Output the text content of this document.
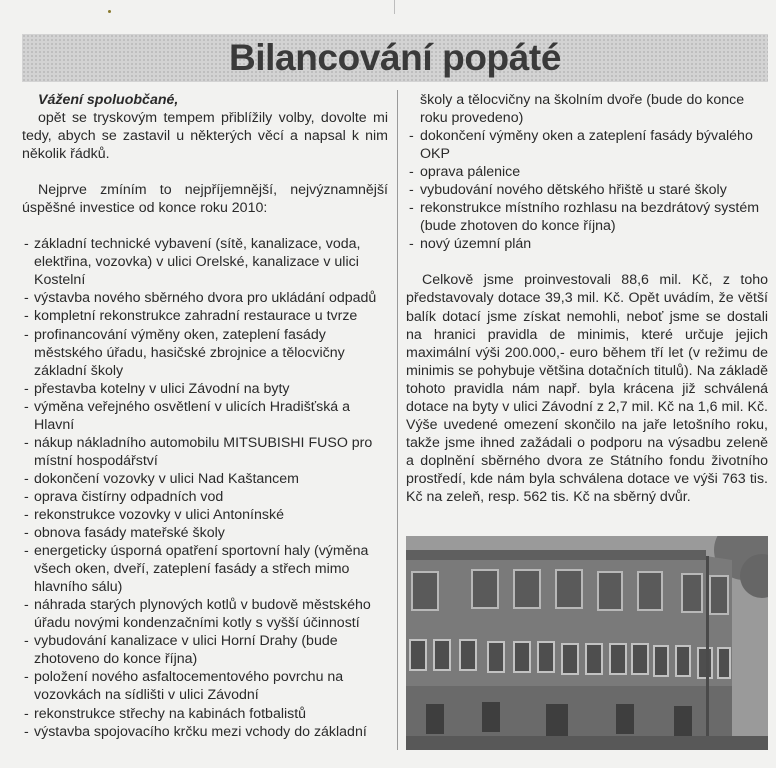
Bilancování popáté
Vážení spoluobčané,
opět se tryskovým tempem přiblížily volby, dovolte mi tedy, abych se zastavil u některých věcí a napsal k nim několik řádků.
Nejprve zmíním to nejpříjemnější, nejvýznamnější úspěšné investice od konce roku 2010:
- základní technické vybavení (sítě, kanalizace, voda, elektřina, vozovka) v ulici Orelské, kanalizace v ulici Kostelní
- výstavba nového sběrného dvora pro ukládání odpadů
- kompletní rekonstrukce zahradní restaurace u tvrze
- profinancování výměny oken, zateplení fasády městského úřadu, hasičské zbrojnice a tělocvičny základní školy
- přestavba kotelny v ulici Závodní na byty
- výměna veřejného osvětlení v ulicích Hradišťská a Hlavní
- nákup nákladního automobilu MITSUBISHI FUSO pro místní hospodářství
- dokončení vozovky v ulici Nad Kaštancem
- oprava čistírny odpadních vod
- rekonstrukce vozovky v ulici Antonínské
- obnova fasády mateřské školy
- energeticky úsporná opatření sportovní haly (výměna všech oken, dveří, zateplení fasády a střech mimo hlavního sálu)
- náhrada starých plynových kotlů v budově městského úřadu novými kondenzačními kotly s vyšší účinností
- vybudování kanalizace v ulici Horní Drahy (bude zhotoveno do konce října)
- položení nového asfaltocementového povrchu na vozovkách na sídlišti v ulici Závodní
- rekonstrukce střechy na kabinách fotbalistů
- výstavba spojovacího krčku mezi vchody do základní
školy a tělocvičny na školním dvoře (bude do konce roku provedeno)
- dokončení výměny oken a zateplení fasády bývalého OKP
- oprava pálenice
- vybudování nového dětského hřiště u staré školy
- rekonstrukce místního rozhlasu na bezdrátový systém (bude zhotoven do konce října)
- nový územní plán
Celkově jsme proinvestovali 88,6 mil. Kč, z toho představovaly dotace 39,3 mil. Kč. Opět uvádím, že větší balík dotací jsme získat nemohli, neboť jsme se dostali na hranici pravidla de minimis, které určuje jejich maximální výši 200.000,- euro během tří let (v režimu de minimis se pohybuje většina dotačních titulů). Na základě tohoto pravidla nám např. byla krácena již schválená dotace na byty v ulici Závodní z 2,7 mil. Kč na 1,6 mil. Kč. Výše uvedené omezení skončilo na jaře letošního roku, takže jsme ihned zažádali o podporu na výsadbu zeleně a doplnění sběrného dvora ze Státního fondu životního prostředí, kde nám byla schválena dotace ve výši 763 tis. Kč na zeleň, resp. 562 tis. Kč na sběrný dvůr.
